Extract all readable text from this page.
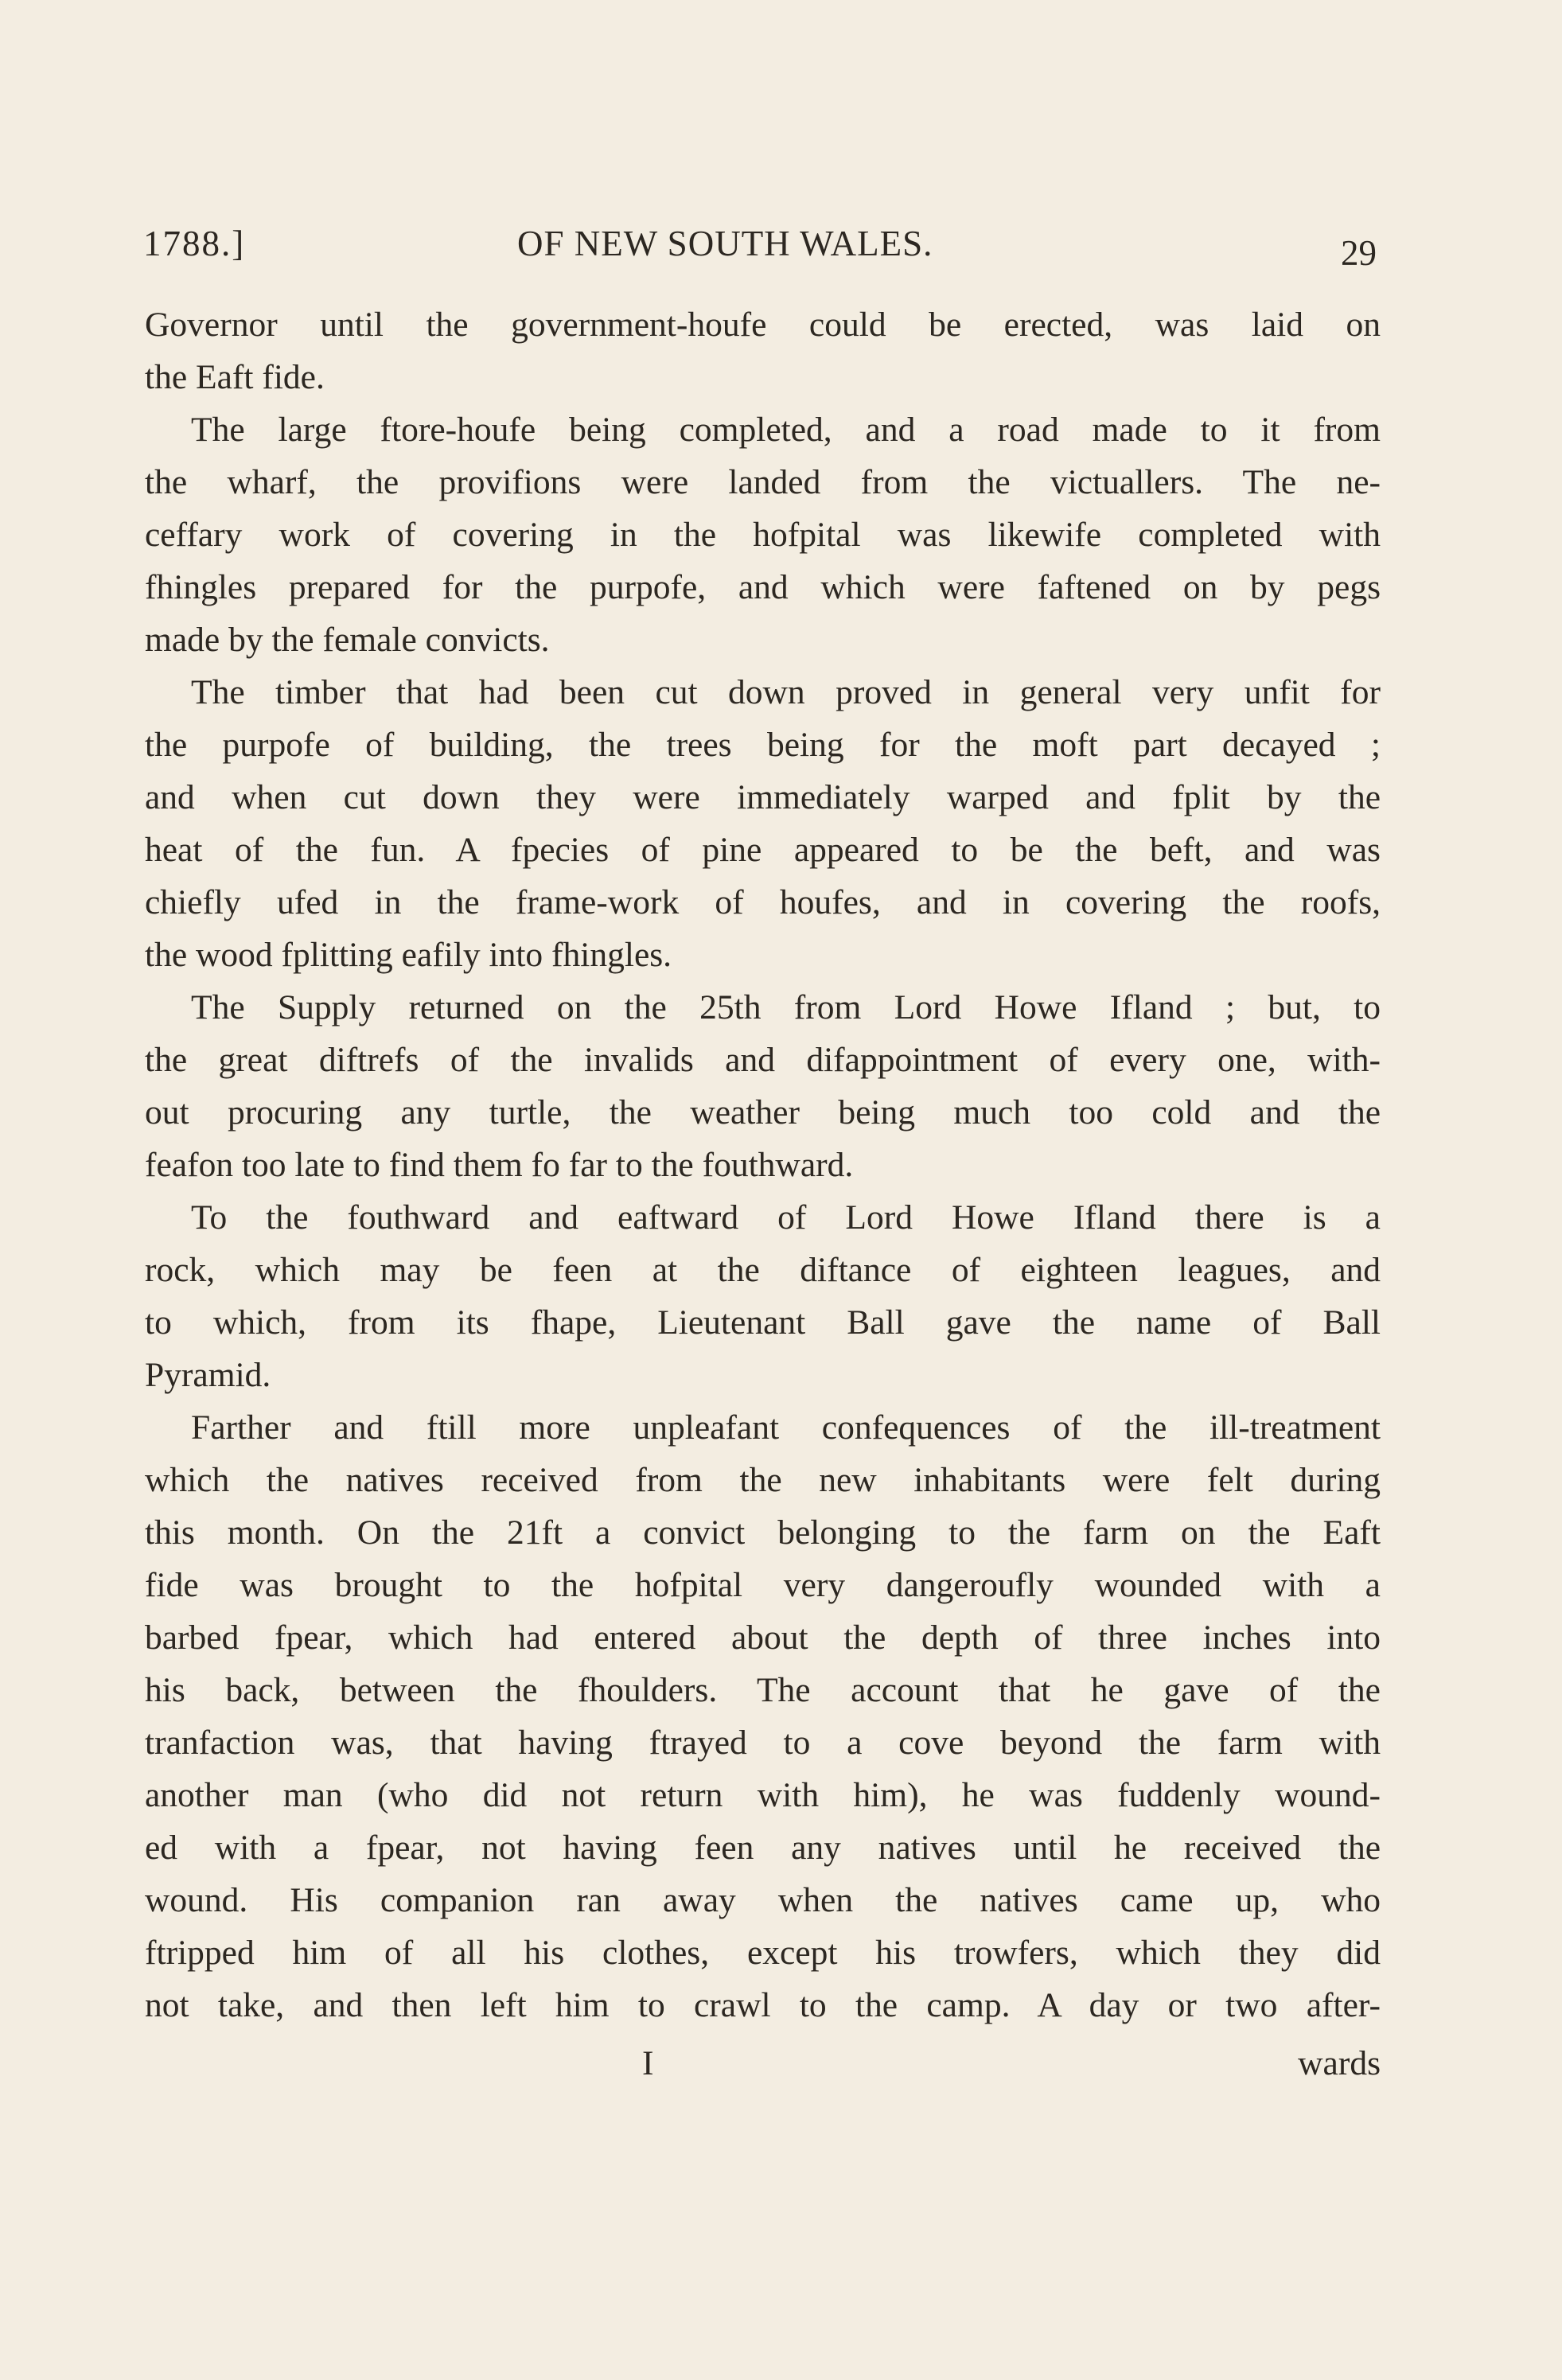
1788.]	OF NEW SOUTH WALES.	29
Governor until the government-houfe could be erected, was laid on
the Eaft fide.
The large ftore-houfe being completed, and a road made to it from
the wharf, the provifions were landed from the victuallers. The ne-
ceffary work of covering in the hofpital was likewife completed with
fhingles prepared for the purpofe, and which were faftened on by pegs
made by the female convicts.
The timber that had been cut down proved in general very unfit for
the purpofe of building, the trees being for the moft part decayed ;
and when cut down they were immediately warped and fplit by the
heat of the fun. A fpecies of pine appeared to be the beft, and was
chiefly ufed in the frame-work of houfes, and in covering the roofs,
the wood fplitting eafily into fhingles.
The Supply returned on the 25th from Lord Howe Ifland ; but, to
the great diftrefs of the invalids and difappointment of every one, with-
out procuring any turtle, the weather being much too cold and the
feafon too late to find them fo far to the fouthward.
To the fouthward and eaftward of Lord Howe Ifland there is a
rock, which may be feen at the diftance of eighteen leagues, and
to which, from its fhape, Lieutenant Ball gave the name of Ball
Pyramid.
Farther and ftill more unpleafant confequences of the ill-treatment
which the natives received from the new inhabitants were felt during
this month. On the 21ft a convict belonging to the farm on the Eaft
fide was brought to the hofpital very dangeroufly wounded with a
barbed fpear, which had entered about the depth of three inches into
his back, between the fhoulders. The account that he gave of the
tranfaction was, that having ftrayed to a cove beyond the farm with
another man (who did not return with him), he was fuddenly wound-
ed with a fpear, not having feen any natives until he received the
wound. His companion ran away when the natives came up, who
ftripped him of all his clothes, except his trowfers, which they did
not take, and then left him to crawl to the camp. A day or two after-
I	wards
